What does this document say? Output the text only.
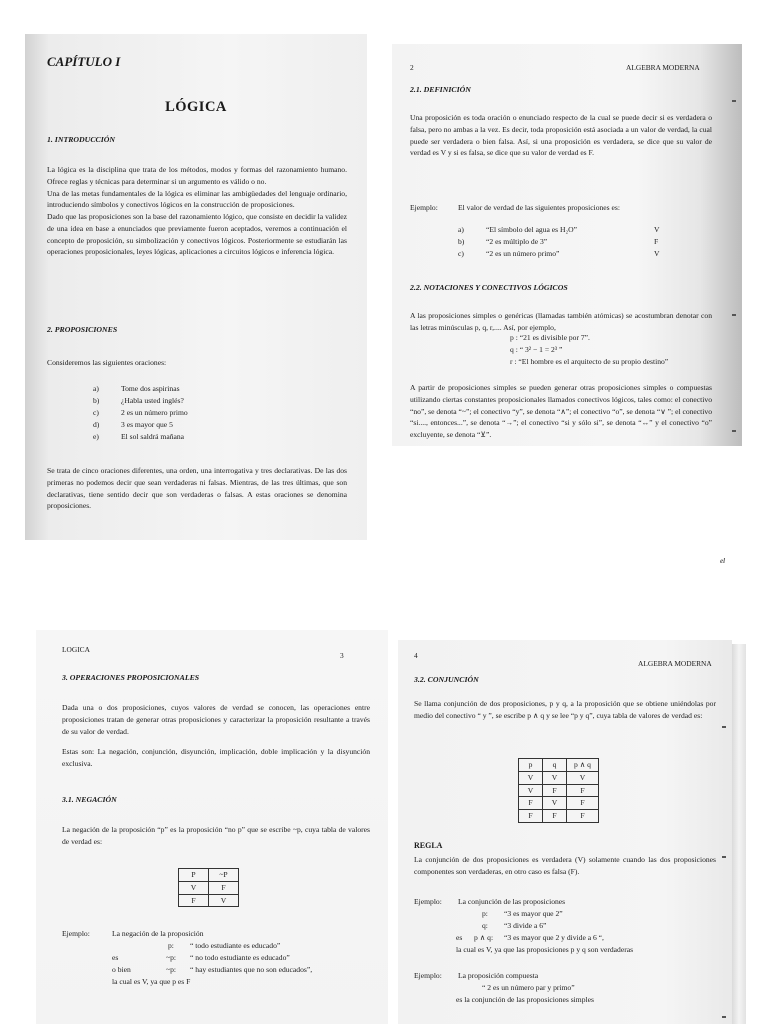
CAPÍTULO I
LÓGICA
1. INTRODUCCIÓN

La lógica es la disciplina que trata de los métodos, modos y formas del razonamiento humano. Ofrece reglas y técnicas para determinar si un argumento es válido o no.

Una de las metas fundamentales de la lógica es eliminar las ambigüedades del lenguaje ordinario, introduciendo símbolos y conectivos lógicos en la construcción de proposiciones.

Dado que las proposiciones son la base del razonamiento lógico, que consiste en decidir la validez de una idea en base a enunciados que previamente fueron aceptados, veremos a continuación el concepto de proposición, su simbolización y conectivos lógicos. Posteriormente se estudiarán las operaciones proposicionales, leyes lógicas, aplicaciones a circuitos lógicos e inferencia lógica.

2. PROPOSICIONES
Consideremos las siguientes oraciones:
a)	Tome dos aspirinas
b)	¿Habla usted inglés?
c)	2 es un número primo
d)	3 es mayor que 5
e)	El sol saldrá mañana
Se trata de cinco oraciones diferentes, una orden, una interrogativa y tres declarativas. De las dos primeras no podemos decir que sean verdaderas ni falsas. Mientras, de las tres últimas, que son declarativas, tiene sentido decir que son verdaderas o falsas. A estas oraciones se denomina proposiciones.
2	ALGEBRA MODERNA
2.1. DEFINICIÓN
Una proposición es toda oración o enunciado respecto de la cual se puede decir si es verdadera o falsa, pero no ambas a la vez. Es decir, toda proposición está asociada a un valor de verdad, la cual puede ser verdadera o bien falsa. Así, si una proposición es verdadera, se dice que su valor de verdad es V y si es falsa, se dice que su valor de verdad es F.
Ejemplo:	El valor de verdad de las siguientes proposiciones es:
a)	“El símbolo del agua es H₂O”	V
b)	“2 es múltiplo de 3”	F
c)	“2 es un número primo”	V
2.2. NOTACIONES Y CONECTIVOS LÓGICOS
A las proposiciones simples o genéricas (llamadas también atómicas) se acostumbran denotar con las letras minúsculas p, q, r,.... Así, por ejemplo,
p : “21 es divisible por 7”.
q : “ 3² − 1 = 2³ ”
r : “El hombre es el arquitecto de su propio destino”
A partir de proposiciones simples se pueden generar otras proposiciones simples o compuestas utilizando ciertas constantes proposicionales llamados conectivos lógicos, tales como: el conectivo “no”, se denota “~”; el conectivo “y”, se denota “∧”; el conectivo “o”, se denota “∨ ”; el conectivo “si...., entonces...”, se denota “→”; el conectivo “si y sólo si”, se denota “↔” y el conectivo “o” excluyente, se denota “⊻”.
el
LOGICA
3
3. OPERACIONES PROPOSICIONALES
Dada una o dos proposiciones, cuyos valores de verdad se conocen, las operaciones entre proposiciones tratan de generar otras proposiciones y caracterizar la proposición resultante a través de su valor de verdad.
Estas son: La negación, conjunción, disyunción, implicación, doble implicación y la disyunción exclusiva.
3.1. NEGACIÓN
La negación de la proposición “p” es la proposición “no p” que se escribe ~p, cuya tabla de valores de verdad es:
P	~P
V	F
F	V
Ejemplo:	La negación de la proposición
p: “ todo estudiante es educado”
es	~p: “ no todo estudiante es educado”
o bien	~p: “ hay estudiantes que no son educados”,
la cual es V, ya que p es F
4
ALGEBRA MODERNA
3.2. CONJUNCIÓN
Se llama conjunción de dos proposiciones, p y q, a la proposición que se obtiene uniéndolas por medio del conectivo “ y ”, se escribe p ∧ q y se lee “p y q”, cuya tabla de valores de verdad es:
p	q	p ∧ q
V	V	V
V	F	F
F	V	F
F	F	F
REGLA
La conjunción de dos proposiciones es verdadera (V) solamente cuando las dos proposiciones componentes son verdaderas, en otro caso es falsa (F).
Ejemplo: La conjunción de las proposiciones
p: “3 es mayor que 2”
q: “3 divide a 6”
es p ∧ q: “3 es mayor que 2 y divide a 6 “,
la cual es V, ya que las proposiciones p y q son verdaderas
Ejemplo: La proposición compuesta
“ 2 es un número par y primo”
es la conjunción de las proposiciones simples
